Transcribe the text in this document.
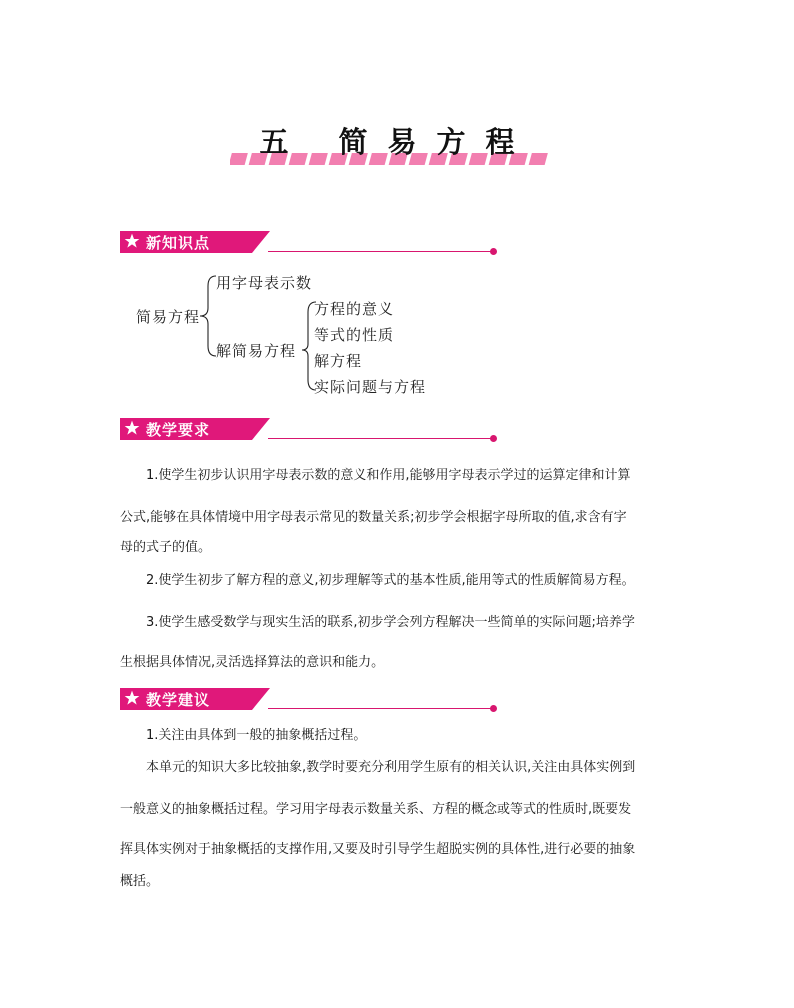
五 简易方程
新知识点
简易方程
用字母表示数
解简易方程
方程的意义
等式的性质
解方程
实际问题与方程
教学要求
1.使学生初步认识用字母表示数的意义和作用,能够用字母表示学过的运算定律和计算
公式,能够在具体情境中用字母表示常见的数量关系;初步学会根据字母所取的值,求含有字
母的式子的值。
2.使学生初步了解方程的意义,初步理解等式的基本性质,能用等式的性质解简易方程。
3.使学生感受数学与现实生活的联系,初步学会列方程解决一些简单的实际问题;培养学
生根据具体情况,灵活选择算法的意识和能力。
教学建议
1.关注由具体到一般的抽象概括过程。
本单元的知识大多比较抽象,教学时要充分利用学生原有的相关认识,关注由具体实例到
一般意义的抽象概括过程。学习用字母表示数量关系、方程的概念或等式的性质时,既要发
挥具体实例对于抽象概括的支撑作用,又要及时引导学生超脱实例的具体性,进行必要的抽象
概括。
